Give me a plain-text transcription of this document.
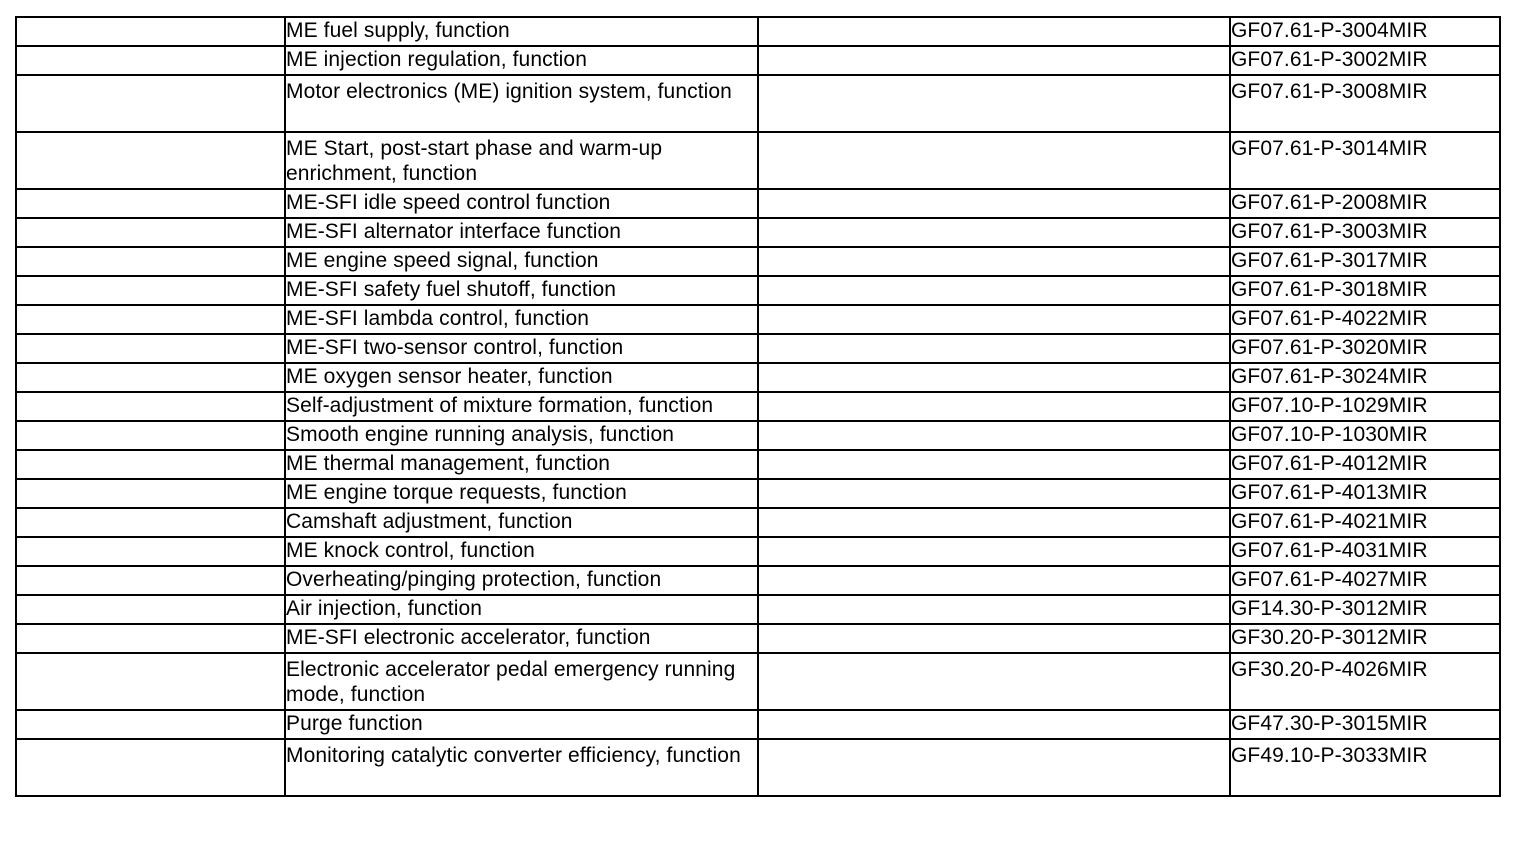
	ME fuel supply, function		GF07.61-P-3004MIR
	ME injection regulation, function		GF07.61-P-3002MIR
	Motor electronics (ME) ignition system, function		GF07.61-P-3008MIR
	ME Start, post-start phase and warm-up enrichment, function		GF07.61-P-3014MIR
	ME-SFI idle speed control function		GF07.61-P-2008MIR
	ME-SFI alternator interface function		GF07.61-P-3003MIR
	ME engine speed signal, function		GF07.61-P-3017MIR
	ME-SFI safety fuel shutoff, function		GF07.61-P-3018MIR
	ME-SFI lambda control, function		GF07.61-P-4022MIR
	ME-SFI two-sensor control, function		GF07.61-P-3020MIR
	ME oxygen sensor heater, function		GF07.61-P-3024MIR
	Self-adjustment of mixture formation, function		GF07.10-P-1029MIR
	Smooth engine running analysis, function		GF07.10-P-1030MIR
	ME thermal management, function		GF07.61-P-4012MIR
	ME engine torque requests, function		GF07.61-P-4013MIR
	Camshaft adjustment, function		GF07.61-P-4021MIR
	ME knock control, function		GF07.61-P-4031MIR
	Overheating/pinging protection, function		GF07.61-P-4027MIR
	Air injection, function		GF14.30-P-3012MIR
	ME-SFI electronic accelerator, function		GF30.20-P-3012MIR
	Electronic accelerator pedal emergency running mode, function		GF30.20-P-4026MIR
	Purge function		GF47.30-P-3015MIR
	Monitoring catalytic converter efficiency, function		GF49.10-P-3033MIR
